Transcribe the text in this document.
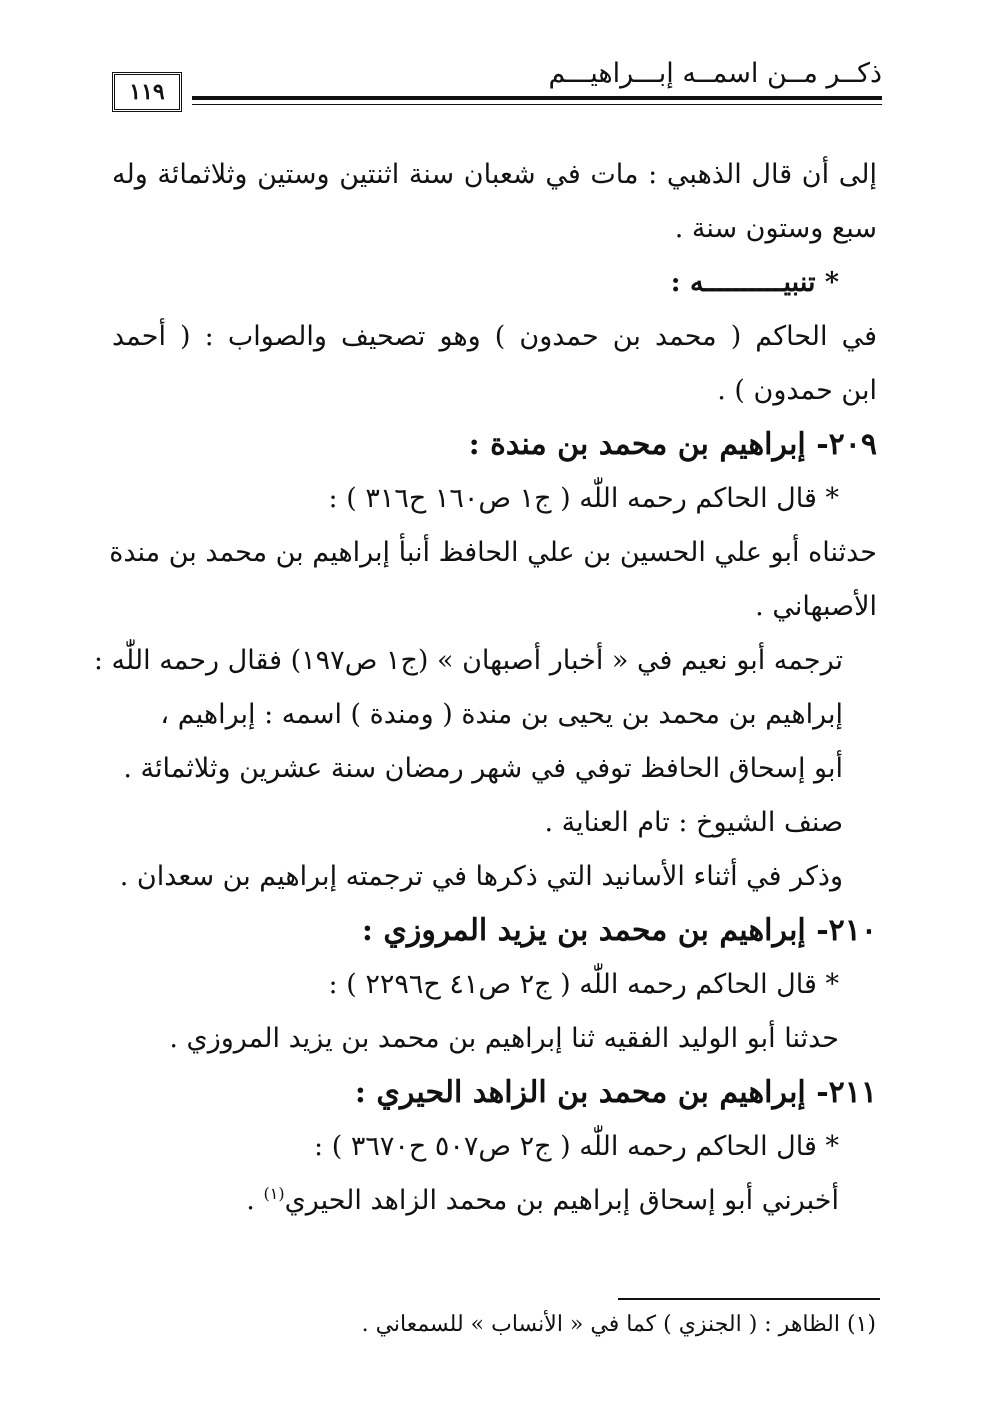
١١٩
ذكــر مــن اسمــه إبـــراهيـــم
إلى أن قال الذهبي : مات في شعبان سنة اثنتين وستين وثلاثمائة وله
سبع وستون سنة .
* تنبيــــــــــه :
في الحاكم ( محمد بن حمدون ) وهو تصحيف والصواب : ( أحمد
ابن حمدون ) .
٢٠٩- إبراهيم بن محمد بن مندة :
* قال الحاكم رحمه اللّٰه ( ج١ ص١٦٠ ح٣١٦ ) :
حدثناه أبو علي الحسين بن علي الحافظ أنبأ إبراهيم بن محمد بن مندة
الأصبهاني .
ترجمه أبو نعيم في « أخبار أصبهان » (ج١ ص١٩٧) فقال رحمه اللّٰه :
إبراهيم بن محمد بن يحيى بن مندة ( ومندة ) اسمه : إبراهيم ،
أبو إسحاق الحافظ توفي في شهر رمضان سنة عشرين وثلاثمائة .
صنف الشيوخ : تام العناية .
وذكر في أثناء الأسانيد التي ذكرها في ترجمته إبراهيم بن سعدان .
٢١٠- إبراهيم بن محمد بن يزيد المروزي :
* قال الحاكم رحمه اللّٰه ( ج٢ ص٤١ ح٢٢٩٦ ) :
حدثنا أبو الوليد الفقيه ثنا إبراهيم بن محمد بن يزيد المروزي .
٢١١- إبراهيم بن محمد بن الزاهد الحيري :
* قال الحاكم رحمه اللّٰه ( ج٢ ص٥٠٧ ح٣٦٧٠ ) :
أخبرني أبو إسحاق إبراهيم بن محمد الزاهد الحيري$^{(١)}$ .
(١) الظاهر : ( الجنزي ) كما في « الأنساب » للسمعاني .
